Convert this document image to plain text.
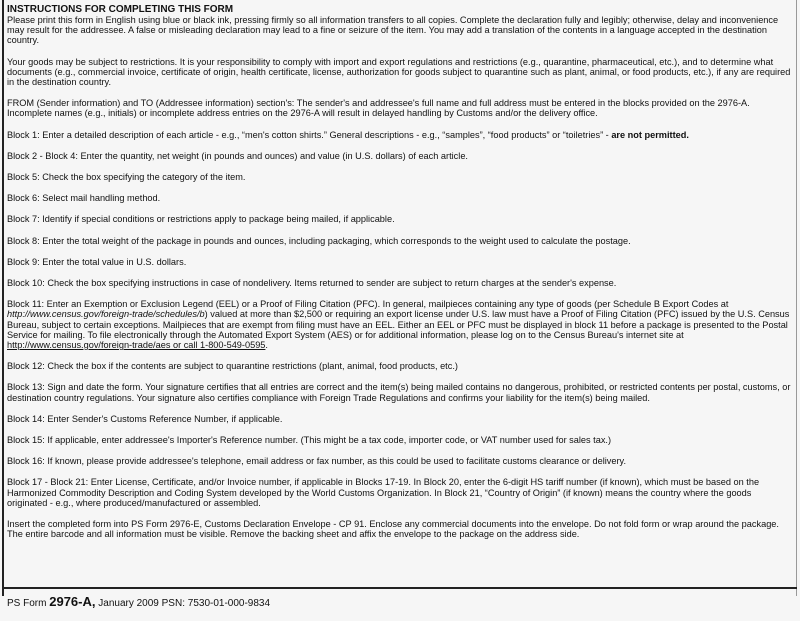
INSTRUCTIONS FOR COMPLETING THIS FORM

Please print this form in English using blue or black ink, pressing firmly so all information transfers to all copies. Complete the declaration fully and legibly; otherwise, delay and inconvenience may result for the addressee. A false or misleading declaration may lead to a fine or seizure of the item. You may add a translation of the contents in a language accepted in the destination country.

Your goods may be subject to restrictions. It is your responsibility to comply with import and export regulations and restrictions (e.g., quarantine, pharmaceutical, etc.), and to determine what documents (e.g., commercial invoice, certificate of origin, health certificate, license, authorization for goods subject to quarantine such as plant, animal, or food products, etc.), if any are required in the destination country.

FROM (Sender information) and TO (Addressee information) section's: The sender's and addressee's full name and full address must be entered in the blocks provided on the 2976-A. Incomplete names (e.g., initials) or incomplete address entries on the 2976-A will result in delayed handling by Customs and/or the delivery office.

Block 1: Enter a detailed description of each article - e.g., “men's cotton shirts.” General descriptions - e.g., “samples”, “food products” or “toiletries” - are not permitted.

Block 2 - Block 4: Enter the quantity, net weight (in pounds and ounces) and value (in U.S. dollars) of each article.

Block 5: Check the box specifying the category of the item.

Block 6: Select mail handling method.

Block 7: Identify if special conditions or restrictions apply to package being mailed, if applicable.

Block 8: Enter the total weight of the package in pounds and ounces, including packaging, which corresponds to the weight used to calculate the postage.

Block 9: Enter the total value in U.S. dollars.

Block 10: Check the box specifying instructions in case of nondelivery. Items returned to sender are subject to return charges at the sender's expense.

Block 11: Enter an Exemption or Exclusion Legend (EEL) or a Proof of Filing Citation (PFC). In general, mailpieces containing any type of goods (per Schedule B Export Codes at http://www.census.gov/foreign-trade/schedules/b) valued at more than $2,500 or requiring an export license under U.S. law must have a Proof of Filing Citation (PFC) issued by the U.S. Census Bureau, subject to certain exceptions. Mailpieces that are exempt from filing must have an EEL. Either an EEL or PFC must be displayed in block 11 before a package is presented to the Postal Service for mailing. To file electronically through the Automated Export System (AES) or for additional information, please log on to the Census Bureau's internet site at http://www.census.gov/foreign-trade/aes or call 1-800-549-0595.

Block 12: Check the box if the contents are subject to quarantine restrictions (plant, animal, food products, etc.)

Block 13: Sign and date the form. Your signature certifies that all entries are correct and the item(s) being mailed contains no dangerous, prohibited, or restricted contents per postal, customs, or destination country regulations. Your signature also certifies compliance with Foreign Trade Regulations and confirms your liability for the item(s) being mailed.

Block 14: Enter Sender's Customs Reference Number, if applicable.

Block 15: If applicable, enter addressee's Importer's Reference number. (This might be a tax code, importer code, or VAT number used for sales tax.)

Block 16: If known, please provide addressee's telephone, email address or fax number, as this could be used to facilitate customs clearance or delivery.

Block 17 - Block 21: Enter License, Certificate, and/or Invoice number, if applicable in Blocks 17-19. In Block 20, enter the 6-digit HS tariff number (if known), which must be based on the Harmonized Commodity Description and Coding System developed by the World Customs Organization. In Block 21, “Country of Origin” (if known) means the country where the goods originated - e.g., where produced/manufactured or assembled.

Insert the completed form into PS Form 2976-E, Customs Declaration Envelope - CP 91. Enclose any commercial documents into the envelope. Do not fold form or wrap around the package. The entire barcode and all information must be visible. Remove the backing sheet and affix the envelope to the package on the address side.

PS Form 2976-A, January 2009 PSN: 7530-01-000-9834
